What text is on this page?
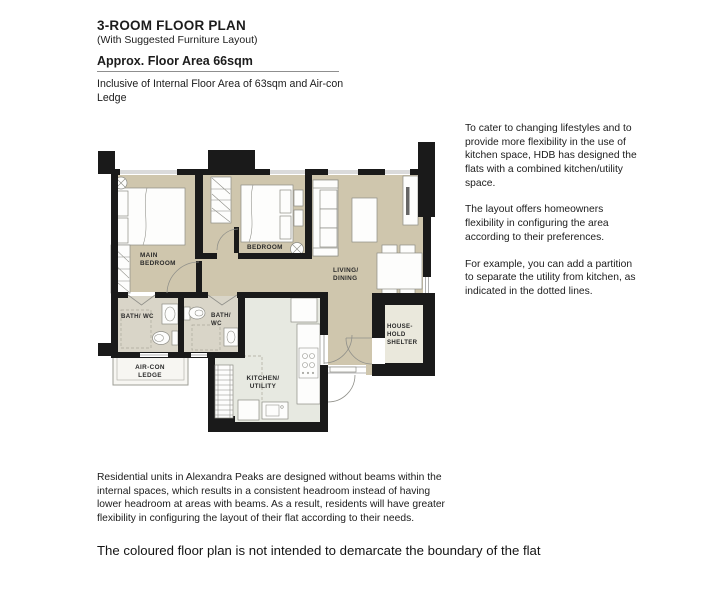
3-ROOM FLOOR PLAN
(With Suggested Furniture Layout)
Approx. Floor Area 66sqm
Inclusive of Internal Floor Area of 63sqm and Air-con Ledge

To cater to changing lifestyles and to provide more flexibility in the use of kitchen space, HDB has designed the flats with a combined kitchen/utility space.

The layout offers homeowners flexibility in configuring the area according to their preferences.

For example, you can add a partition to separate the utility from kitchen, as indicated in the dotted lines.

Residential units in Alexandra Peaks are designed without beams within the internal spaces, which results in a consistent headroom instead of having lower headroom at areas with beams. As a result, residents will have greater flexibility in configuring the layout of their flat according to their needs.
The coloured floor plan is not intended to demarcate the boundary of the flat
MAIN
BEDROOM
BEDROOM
LIVING/
DINING
BATH/ WC	BATH/
WC
AIR-CON
LEDGE	KITCHEN/
UTILITY
HOUSE-
HOLD
SHELTER
